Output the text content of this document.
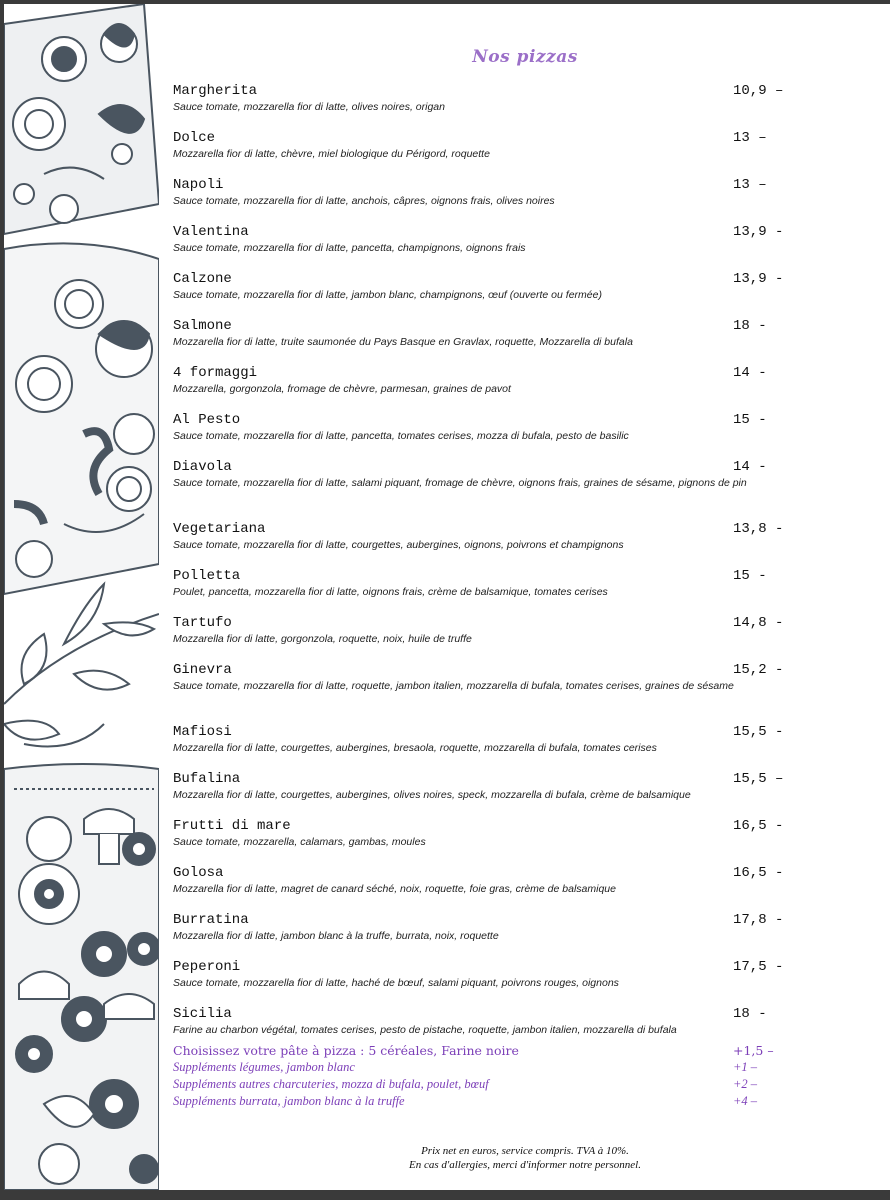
Nos pizzas
Margherita	10,9 –
Sauce tomate, mozzarella fior di latte, olives noires, origan
Dolce	13 –
Mozzarella fior di latte, chèvre, miel biologique du Périgord, roquette
Napoli	13 –
Sauce tomate, mozzarella fior di latte, anchois, câpres, oignons frais, olives noires
Valentina	13,9 -
Sauce tomate, mozzarella fior di latte, pancetta, champignons, oignons frais
Calzone	13,9 -
Sauce tomate, mozzarella fior di latte, jambon blanc, champignons, œuf (ouverte ou fermée)
Salmone	18 -
Mozzarella fior di latte, truite saumonée du Pays Basque en Gravlax, roquette, Mozzarella di bufala
4 formaggi	14 -
Mozzarella, gorgonzola, fromage de chèvre, parmesan, graines de pavot
Al Pesto	15 -
Sauce tomate, mozzarella fior di latte, pancetta, tomates cerises, mozza di bufala, pesto de basilic
Diavola	14 -
Sauce tomate, mozzarella fior di latte, salami piquant, fromage de chèvre, oignons frais, graines de sésame, pignons de pin
Vegetariana	13,8 -
Sauce tomate, mozzarella fior di latte, courgettes, aubergines, oignons, poivrons et champignons
Polletta	15 -
Poulet, pancetta, mozzarella fior di latte, oignons frais, crème de balsamique, tomates cerises
Tartufo	14,8 -
Mozzarella fior di latte, gorgonzola, roquette, noix, huile de truffe
Ginevra	15,2 -
Sauce tomate, mozzarella fior di latte, roquette, jambon italien, mozzarella di bufala, tomates cerises, graines de sésame
Mafiosi	15,5 -
Mozzarella fior di latte, courgettes, aubergines, bresaola, roquette, mozzarella di bufala, tomates cerises
Bufalina	15,5 –
Mozzarella fior di latte, courgettes, aubergines, olives noires, speck, mozzarella di bufala, crème de balsamique
Frutti di mare	16,5 -
Sauce tomate, mozzarella, calamars, gambas, moules
Golosa	16,5 -
Mozzarella fior di latte, magret de canard séché, noix, roquette, foie gras, crème de balsamique
Burratina	17,8 -
Mozzarella fior di latte, jambon blanc à la truffe, burrata, noix, roquette
Peperoni	17,5 -
Sauce tomate, mozzarella fior di latte, haché de bœuf, salami piquant, poivrons rouges, oignons
Sicilia	18 -
Farine au charbon végétal, tomates cerises, pesto de pistache, roquette, jambon italien, mozzarella di bufala
Choisissez votre pâte à pizza : 5 céréales, Farine noire	+1,5 –
Suppléments légumes, jambon blanc	+1 –
Suppléments autres charcuteries, mozza di bufala, poulet, bœuf	+2 –
Suppléments burrata, jambon blanc à la truffe	+4 –
Prix net en euros, service compris. TVA à 10%.
En cas d'allergies, merci d'informer notre personnel.
